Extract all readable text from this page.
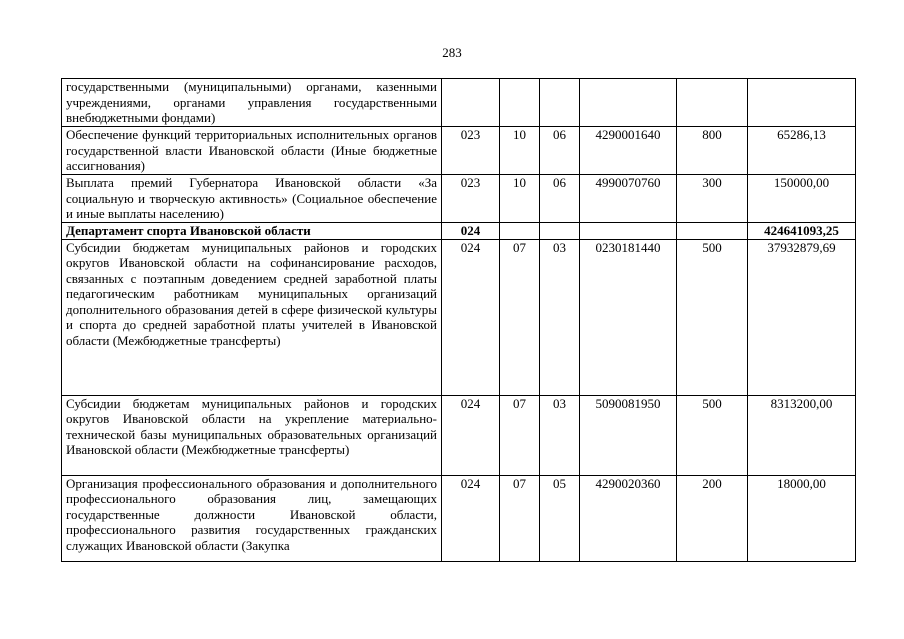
283
государственными (муниципальными) органами, казенными учреждениями, органами управления государственными внебюджетными фондами)						
Обеспечение функций территориальных исполнительных органов государственной власти Ивановской области (Иные бюджетные ассигнования)	023	10	06	4290001640	800	65286,13
Выплата премий Губернатора Ивановской области «За социальную и творческую активность» (Социальное обеспечение и иные выплаты населению)	023	10	06	4990070760	300	150000,00
Департамент спорта Ивановской области	024					424641093,25
Субсидии бюджетам муниципальных районов и городских округов Ивановской области на софинансирование расходов, связанных с поэтапным доведением средней заработной платы педагогическим работникам муниципальных организаций дополнительного образования детей в сфере физической культуры и спорта до средней заработной платы учителей в Ивановской области (Межбюджетные трансферты)	024	07	03	0230181440	500	37932879,69
Субсидии бюджетам муниципальных районов и городских округов Ивановской области на укрепление материально-технической базы муниципальных образовательных организаций Ивановской области (Межбюджетные трансферты)	024	07	03	5090081950	500	8313200,00
Организация профессионального образования и дополнительного профессионального образования лиц, замещающих государственные должности Ивановской области, профессионального развития государственных гражданских служащих Ивановской области (Закупка	024	07	05	4290020360	200	18000,00
